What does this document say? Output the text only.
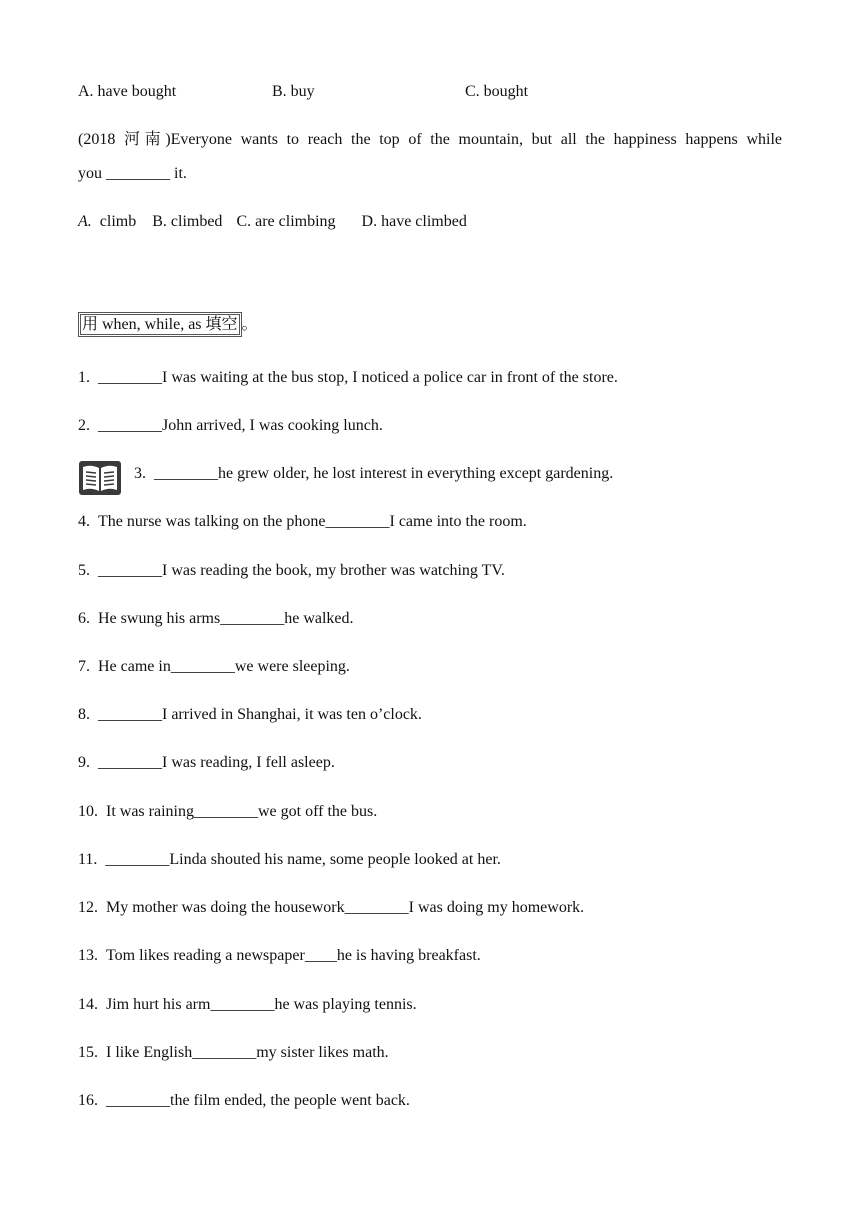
A. have bought	B. buy	C. bought
(2018 河南)Everyone wants to reach the top of the mountain, but all the happiness happens while
you ________ it.
A. climb B. climbed C. are climbing D. have climbed
用 when, while, as 填空 。
1. ________I was waiting at the bus stop, I noticed a police car in front of the store.
2. ________John arrived, I was cooking lunch.
3. ________he grew older, he lost interest in everything except gardening.
4. The nurse was talking on the phone________I came into the room.
5. ________I was reading the book, my brother was watching TV.
6. He swung his arms________he walked.
7. He came in________we were sleeping.
8. ________I arrived in Shanghai, it was ten o’clock.
9. ________I was reading, I fell asleep.
10. It was raining________we got off the bus.
11. ________Linda shouted his name, some people looked at her.
12. My mother was doing the housework________I was doing my homework.
13. Tom likes reading a newspaper____he is having breakfast.
14. Jim hurt his arm________he was playing tennis.
15. I like English________my sister likes math.
16. ________the film ended, the people went back.
